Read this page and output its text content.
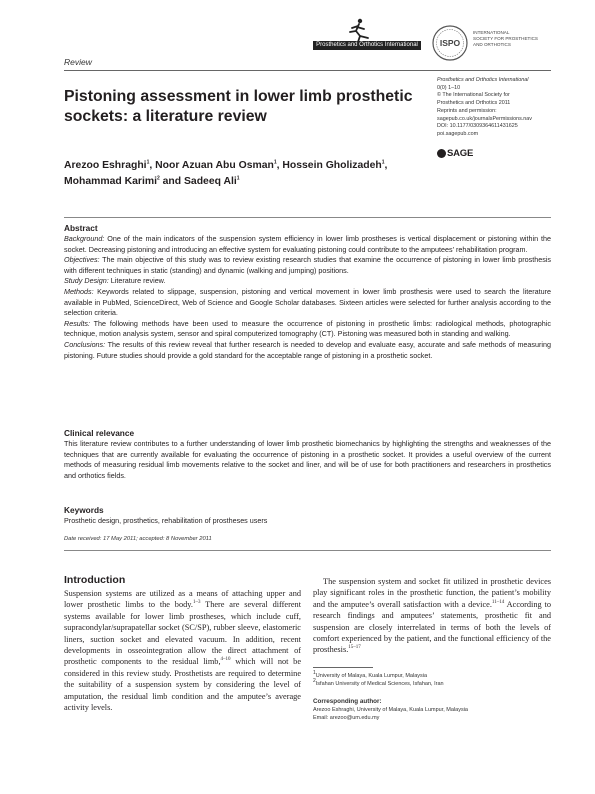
Prosthetics and Orthotics International	ISPO
INTERNATIONAL
SOCIETY FOR PROSTHETICS
AND ORTHOTICS
Review
Pistoning assessment in lower limb prosthetic sockets: a literature review
Arezoo Eshraghi$^1$, Noor Azuan Abu Osman$^1$, Hossein Gholizadeh$^1$, Mohammad Karimi$^2$ and Sadeeq Ali$^1$
Prosthetics and Orthotics International
0(0) 1–10
© The International Society for
Prosthetics and Orthotics 2011
Reprints and permission:
sagepub.co.uk/journalsPermissions.nav
DOI: 10.1177/0309364611431625
poi.sagepub.com
SAGE
Abstract

Background: One of the main indicators of the suspension system efficiency in lower limb prostheses is vertical displacement or pistoning within the socket. Decreasing pistoning and introducing an effective system for evaluating pistoning could contribute to the amputees’ rehabilitation program.

Objectives: The main objective of this study was to review existing research studies that examine the occurrence of pistoning in lower limb prosthesis with different techniques in static (standing) and dynamic (walking and jumping) positions.

Study Design: Literature review.

Methods: Keywords related to slippage, suspension, pistoning and vertical movement in lower limb prosthesis were used to search the literature available in PubMed, ScienceDirect, Web of Science and Google Scholar databases. Sixteen articles were selected for further analysis according to the selection criteria.

Results: The following methods have been used to measure the occurrence of pistoning in prosthetic limbs: radiological methods, photographic technique, motion analysis system, sensor and spiral computerized tomography (CT). Pistoning was measured both in standing and walking.

Conclusions: The results of this review reveal that further research is needed to develop and evaluate easy, accurate and safe methods of measuring pistoning. Future studies should provide a gold standard for the acceptable range of pistoning in a prosthetic socket.

Clinical relevance

This literature review contributes to a further understanding of lower limb prosthetic biomechanics by highlighting the strengths and weaknesses of the techniques that are currently available for evaluating the occurrence of pistoning in a prosthetic socket. It provides a useful overview of the current methods of measuring residual limb movements relative to the socket and liner, and will be of use for both practitioners and researchers in prosthetics and orthotics fields.

Keywords

Prosthetic design, prosthetics, rehabilitation of prostheses users

Date received: 17 May 2011; accepted: 8 November 2011
Introduction
Suspension systems are utilized as a means of attaching upper and lower prosthetic limbs to the body.$^{1-3}$ There are several different systems available for lower limb prostheses, which include cuff, supracondylar/suprapatellar socket (SC/SP), rubber sleeve, elastomeric liners, suction socket and elevated vacuum. In addition, recent developments in osseointegration allow the direct attachment of prosthetic components to the residual limb,$^{4-10}$ which will not be considered in this review study. Prosthetists are required to determine the suitability of a suspension system by considering the level of amputation, the residual limb condition and the amputee’s average activity levels.
The suspension system and socket fit utilized in prosthetic devices play significant roles in the prosthetic function, the patient’s mobility and the amputee’s overall satisfaction with a device.$^{11-14}$ According to research findings and amputees’ statements, prosthetic fit and suspension are closely interrelated in terms of both the levels of comfort experienced by the patient, and the functional efficiency of the prosthesis.$^{15-17}$
$^1$University of Malaya, Kuala Lumpur, Malaysia
$^2$Isfahan University of Medical Sciences, Isfahan, Iran
Corresponding author:
Arezoo Eshraghi, University of Malaya, Kuala Lumpur, Malaysia
Email: arezoo@um.edu.my
